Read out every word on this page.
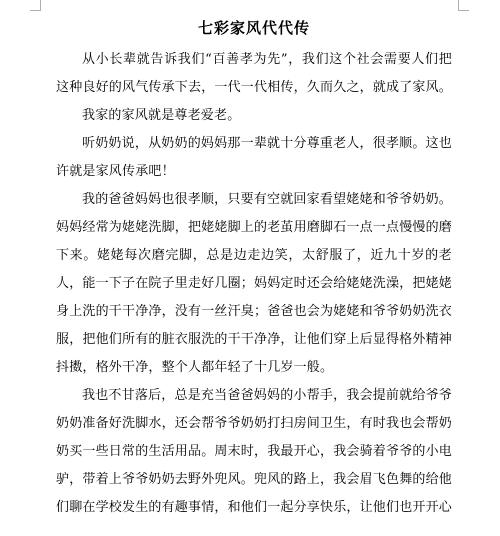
七彩家风代代传

从小长辈就告诉我们“百善孝为先”，我们这个社会需要人们把这种良好的风气传承下去，一代一代相传，久而久之，就成了家风。

我家的家风就是尊老爱老。

听奶奶说，从奶奶的妈妈那一辈就十分尊重老人，很孝顺。这也许就是家风传承吧！

我的爸爸妈妈也很孝顺，只要有空就回家看望姥姥和爷爷奶奶。妈妈经常为姥姥洗脚，把姥姥脚上的老茧用磨脚石一点一点慢慢的磨下来。姥姥每次磨完脚，总是边走边笑，太舒服了，近九十岁的老人，能一下子在院子里走好几圈；妈妈定时还会给姥姥洗澡，把姥姥身上洗的干干净净，没有一丝汗臭；爸爸也会为姥姥和爷爷奶奶洗衣服，把他们所有的脏衣服洗的干干净净，让他们穿上后显得格外精神抖擞，格外干净，整个人都年轻了十几岁一般。

我也不甘落后，总是充当爸爸妈妈的小帮手，我会提前就给爷爷奶奶准备好洗脚水，还会帮爷爷奶奶打扫房间卫生，有时我也会帮奶奶买一些日常的生活用品。周末时，我最开心，我会骑着爷爷的小电驴，带着上爷爷奶奶去野外兜风。兜风的路上，我会眉飞色舞的给他们聊在学校发生的有趣事情，和他们一起分享快乐，让他们也开开心
